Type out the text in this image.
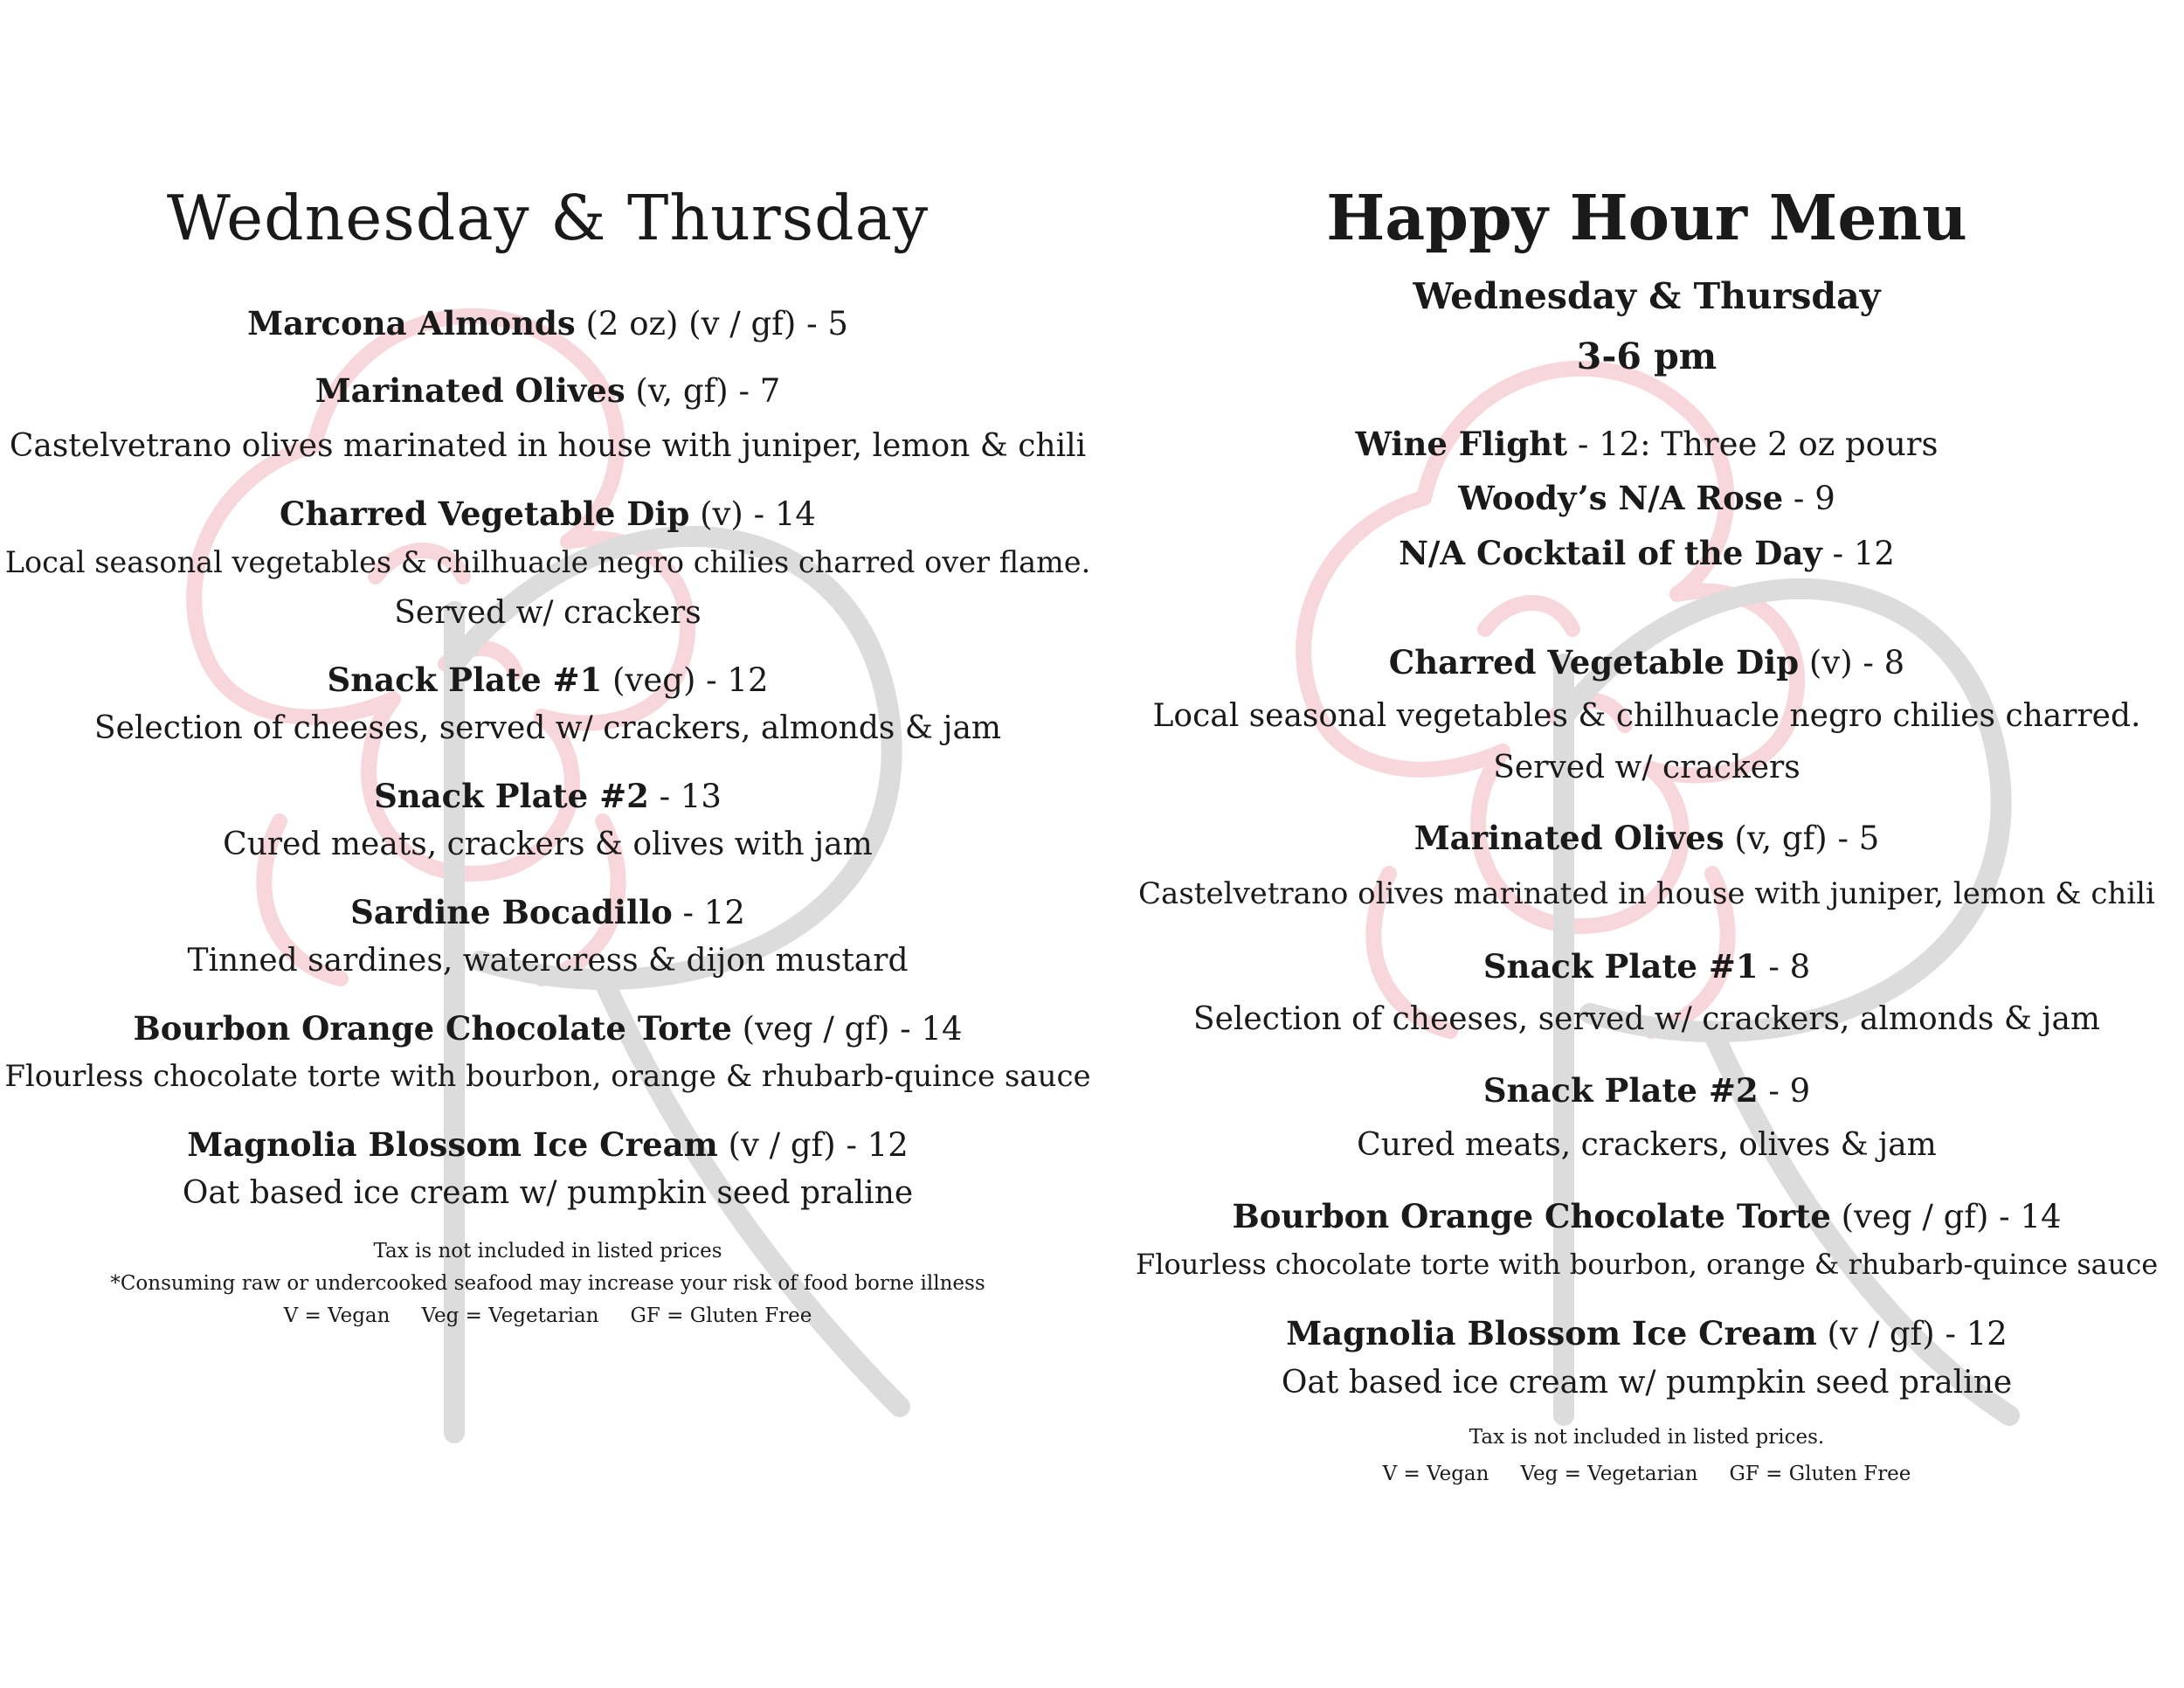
Wednesday & Thursday
Marcona Almonds (2 oz) (v / gf) - 5
Marinated Olives (v, gf) - 7
Castelvetrano olives marinated in house with juniper, lemon & chili
Charred Vegetable Dip (v) - 14
Local seasonal vegetables & chilhuacle negro chilies charred over flame.
Served w/ crackers
Snack Plate #1 (veg) - 12
Selection of cheeses, served w/ crackers, almonds & jam
Snack Plate #2 - 13
Cured meats, crackers & olives with jam
Sardine Bocadillo - 12
Tinned sardines, watercress & dijon mustard
Bourbon Orange Chocolate Torte (veg / gf) - 14
Flourless chocolate torte with bourbon, orange & rhubarb-quince sauce
Magnolia Blossom Ice Cream (v / gf) - 12
Oat based ice cream w/ pumpkin seed praline
Tax is not included in listed prices
*Consuming raw or undercooked seafood may increase your risk of food borne illness
V = Vegan Veg = Vegetarian GF = Gluten Free
Happy Hour Menu
Wednesday & Thursday
3-6 pm
Wine Flight - 12: Three 2 oz pours
Woody’s N/A Rose - 9
N/A Cocktail of the Day - 12
Charred Vegetable Dip (v) - 8
Local seasonal vegetables & chilhuacle negro chilies charred.
Served w/ crackers
Marinated Olives (v, gf) - 5
Castelvetrano olives marinated in house with juniper, lemon & chili
Snack Plate #1 - 8
Selection of cheeses, served w/ crackers, almonds & jam
Snack Plate #2 - 9
Cured meats, crackers, olives & jam
Bourbon Orange Chocolate Torte (veg / gf) - 14
Flourless chocolate torte with bourbon, orange & rhubarb-quince sauce
Magnolia Blossom Ice Cream (v / gf) - 12
Oat based ice cream w/ pumpkin seed praline
Tax is not included in listed prices.
V = Vegan Veg = Vegetarian GF = Gluten Free
